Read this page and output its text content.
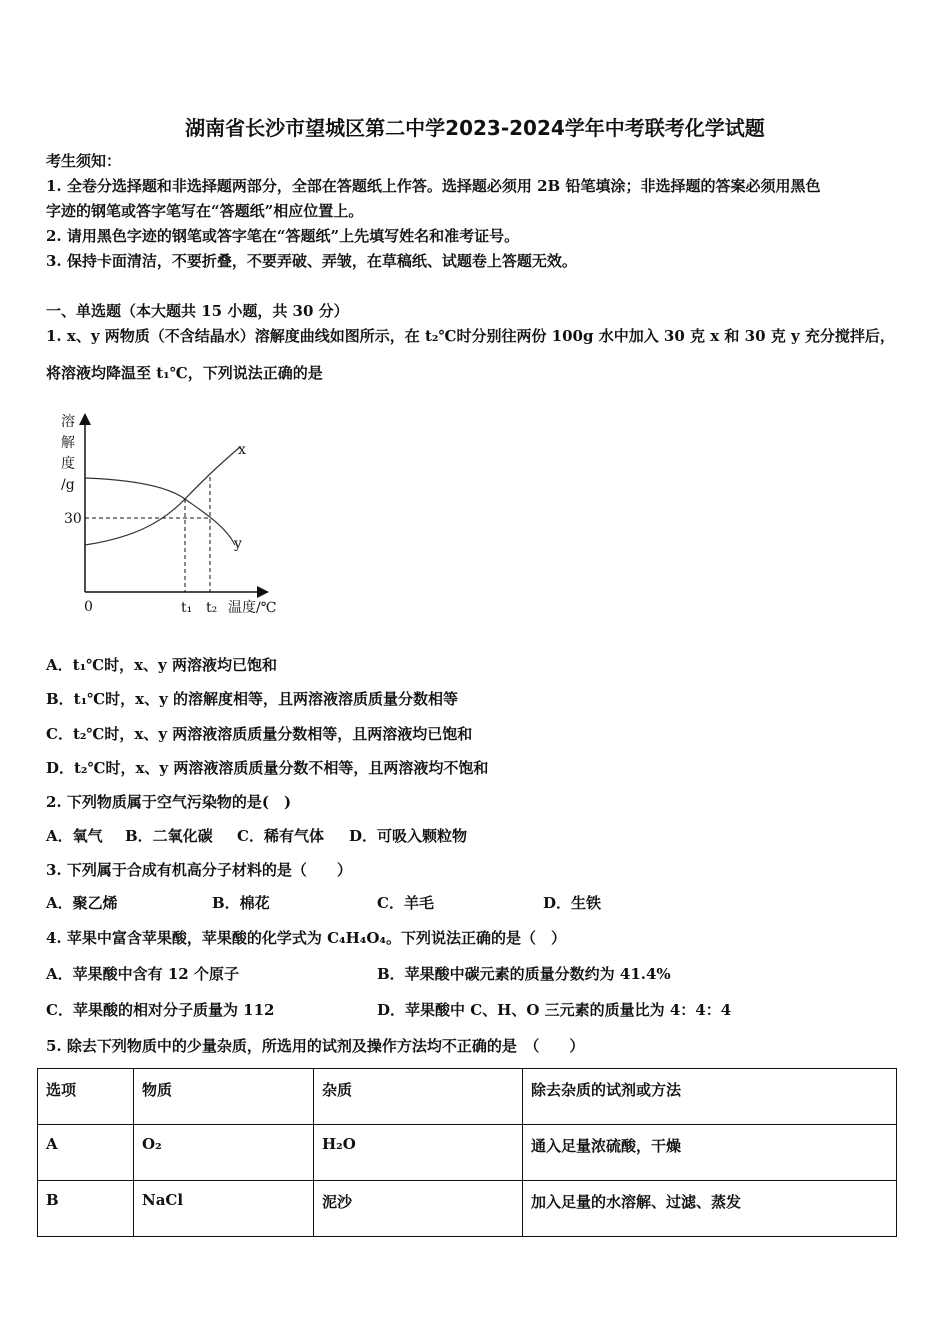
湖南省长沙市望城区第二中学2023-2024学年中考联考化学试题
考生须知：
1. 全卷分选择题和非选择题两部分，全部在答题纸上作答。选择题必须用 2B 铅笔填涂；非选择题的答案必须用黑色
字迹的钢笔或答字笔写在“答题纸”相应位置上。
2. 请用黑色字迹的钢笔或答字笔在“答题纸”上先填写姓名和准考证号。
3. 保持卡面清洁，不要折叠，不要弄破、弄皱，在草稿纸、试题卷上答题无效。
一、单选题（本大题共 15 小题，共 30 分）
1. x、y 两物质（不含结晶水）溶解度曲线如图所示，在 t₂℃时分别往两份 100g 水中加入 30 克 x 和 30 克 y 充分搅拌后，
将溶液均降温至 t₁℃，下列说法正确的是
溶
解
度
/g
30
0	t₁ t₂ 温度/℃
x
y
A．t₁℃时，x、y 两溶液均已饱和
B．t₁℃时，x、y 的溶解度相等，且两溶液溶质质量分数相等
C．t₂℃时，x、y 两溶液溶质质量分数相等，且两溶液均已饱和
D．t₂℃时，x、y 两溶液溶质质量分数不相等，且两溶液均不饱和
2. 下列物质属于空气污染物的是(　)
A．氧气 B．二氧化碳 C．稀有气体 D．可吸入颗粒物
3. 下列属于合成有机高分子材料的是（　　）
A．聚乙烯	B．棉花	C．羊毛	D．生铁
4. 苹果中富含苹果酸，苹果酸的化学式为 C₄H₄O₄。下列说法正确的是（　）
A．苹果酸中含有 12 个原子	B．苹果酸中碳元素的质量分数约为 41.4%
C．苹果酸的相对分子质量为 112	D．苹果酸中 C、H、O 三元素的质量比为 4：4：4
5. 除去下列物质中的少量杂质，所选用的试剂及操作方法均不正确的是　（　　）
选项	物质	杂质	除去杂质的试剂或方法
A	O₂	H₂O	通入足量浓硫酸，干燥
B	NaCl	泥沙	加入足量的水溶解、过滤、蒸发
